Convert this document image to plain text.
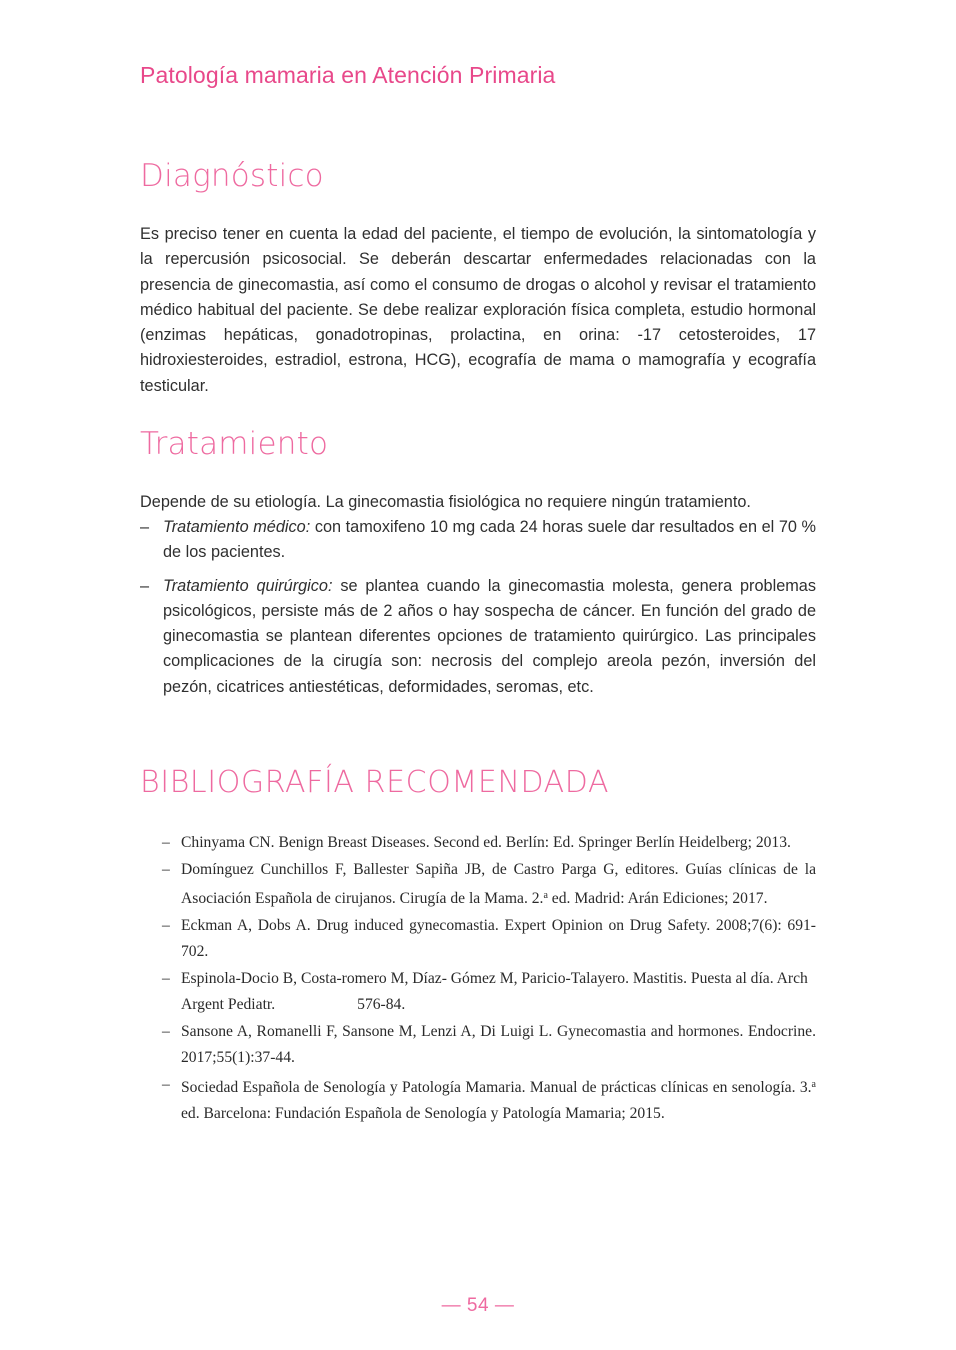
Patología mamaria en Atención Primaria
Diagnóstico

Es preciso tener en cuenta la edad del paciente, el tiempo de evolución, la sintomatología y la repercusión psicosocial. Se deberán descartar enfermedades relacionadas con la presencia de ginecomastia, así como el consumo de drogas o alcohol y revisar el tratamiento médico habitual del paciente. Se debe realizar exploración física completa, estudio hormonal (enzimas hepáticas, gonadotropinas, prolactina, en orina: -17 cetosteroides, 17 hidroxiesteroides, estradiol, estrona, HCG), ecografía de mama o mamografía y ecografía testicular.

Tratamiento

Depende de su etiología. La ginecomastia fisiológica no requiere ningún tratamiento.

– Tratamiento médico: con tamoxifeno 10 mg cada 24 horas suele dar resultados en el 70 % de los pacientes.
– Tratamiento quirúrgico: se plantea cuando la ginecomastia molesta, genera problemas psicológicos, persiste más de 2 años o hay sospecha de cáncer. En función del grado de ginecomastia se plantean diferentes opciones de tratamiento quirúrgico. Las principales complicaciones de la cirugía son: necrosis del complejo areola pezón, inversión del pezón, cicatrices antiestéticas, deformidades, seromas, etc.
BIBLIOGRAFÍA RECOMENDADA
– Chinyama CN. Benign Breast Diseases. Second ed. Berlín: Ed. Springer Berlín Heidelberg; 2013.
– Domínguez Cunchillos F, Ballester Sapiña JB, de Castro Parga G, editores. Guías clínicas de la Asociación Española de cirujanos. Cirugía de la Mama. 2.$^a$ ed. Madrid: Arán Ediciones; 2017.
– Eckman A, Dobs A. Drug induced gynecomastia. Expert Opinion on Drug Safety. 2008;7(6): 691-702.
– Espinola-Docio B, Costa-romero M, Díaz- Gómez M, Paricio-Talayero. Mastitis. Puesta al día. Arch Argent Pediatr.	576-84.
– Sansone A, Romanelli F, Sansone M, Lenzi A, Di Luigi L. Gynecomastia and hormones. Endocrine. 2017;55(1):37-44.
– Sociedad Española de Senología y Patología Mamaria. Manual de prácticas clínicas en senología. 3.$^a$ ed. Barcelona: Fundación Española de Senología y Patología Mamaria; 2015.
— 54 —
